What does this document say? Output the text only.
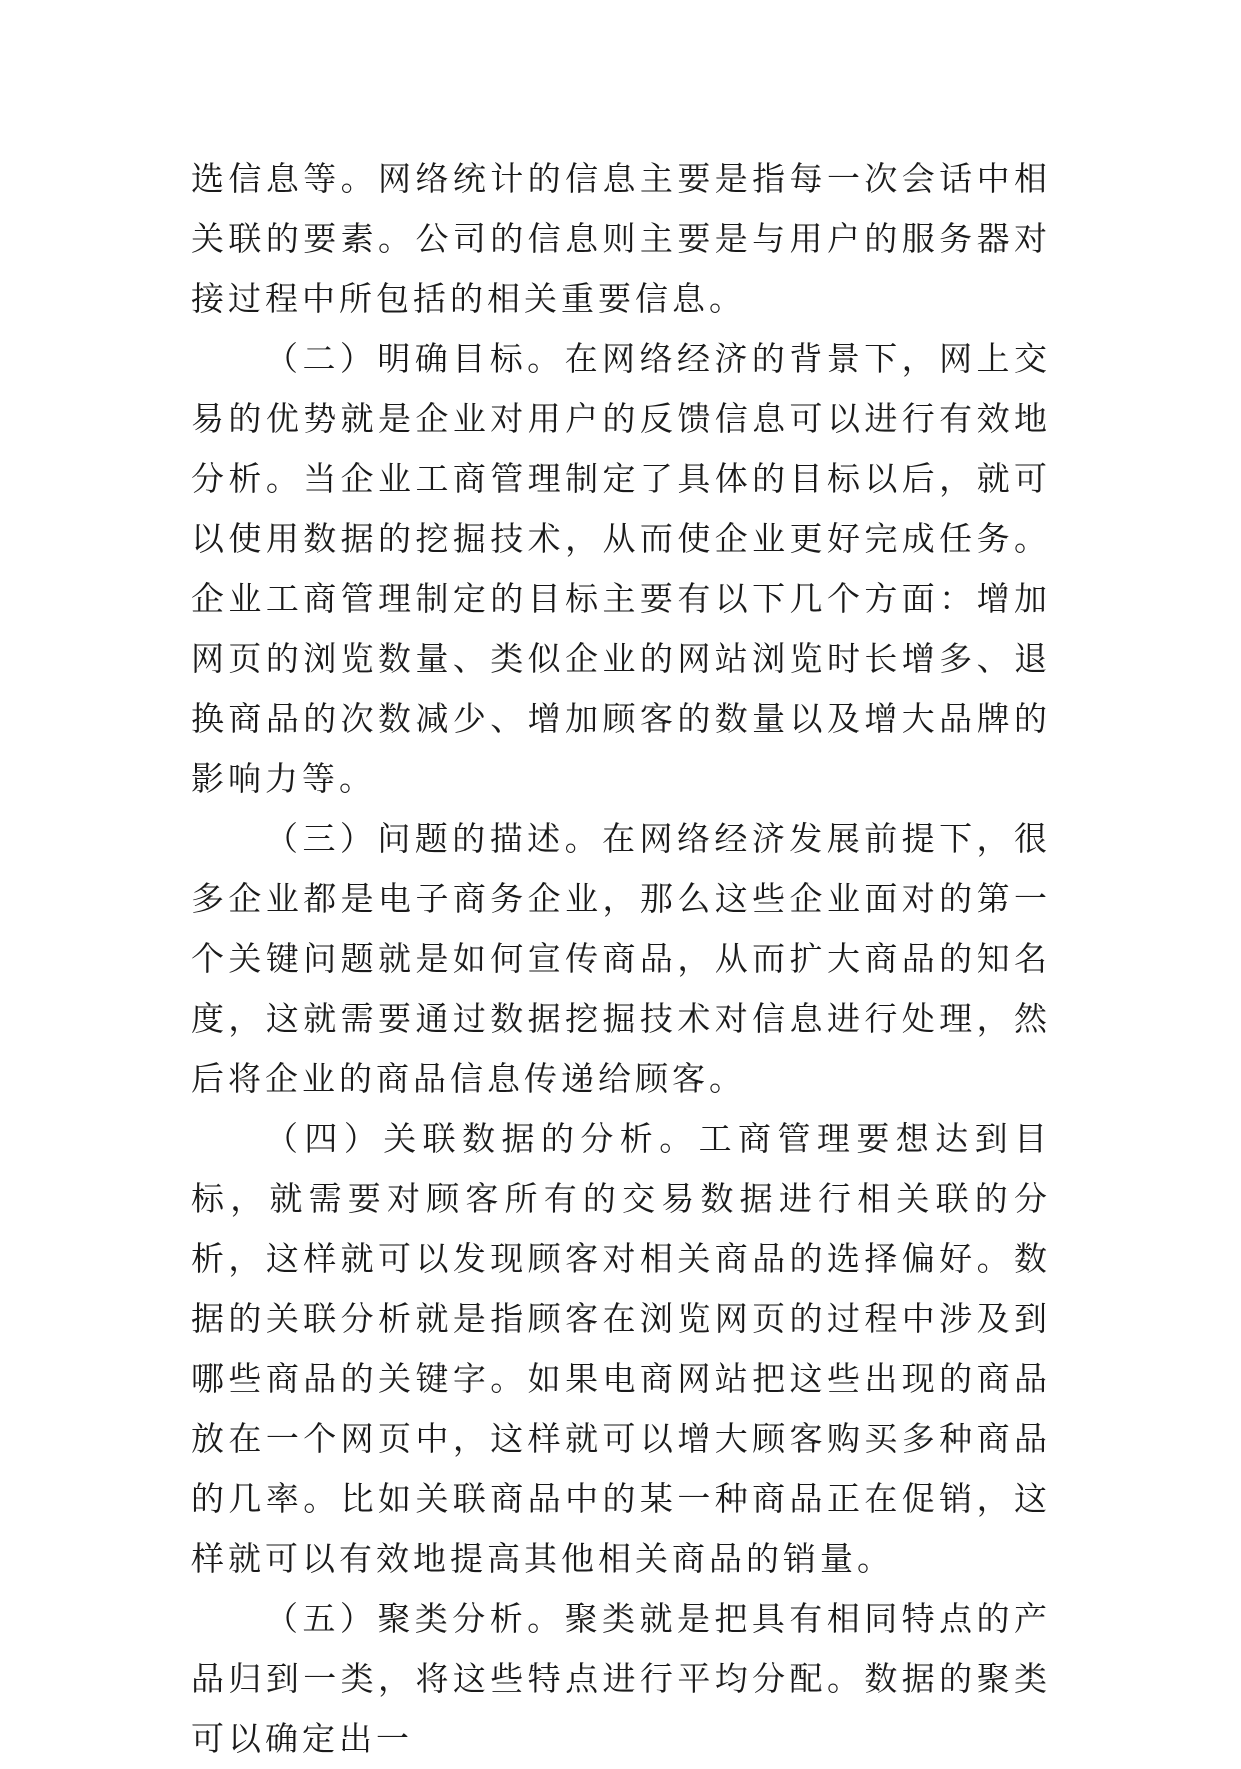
选信息等。网络统计的信息主要是指每一次会话中相关联的要素。公司的信息则主要是与用户的服务器对接过程中所包括的相关重要信息。

（二）明确目标。在网络经济的背景下，网上交易的优势就是企业对用户的反馈信息可以进行有效地分析。当企业工商管理制定了具体的目标以后，就可以使用数据的挖掘技术，从而使企业更好完成任务。企业工商管理制定的目标主要有以下几个方面：增加网页的浏览数量、类似企业的网站浏览时长增多、退换商品的次数减少、增加顾客的数量以及增大品牌的影响力等。

（三）问题的描述。在网络经济发展前提下，很多企业都是电子商务企业，那么这些企业面对的第一个关键问题就是如何宣传商品，从而扩大商品的知名度，这就需要通过数据挖掘技术对信息进行处理，然后将企业的商品信息传递给顾客。

（四）关联数据的分析。工商管理要想达到目标，就需要对顾客所有的交易数据进行相关联的分析，这样就可以发现顾客对相关商品的选择偏好。数据的关联分析就是指顾客在浏览网页的过程中涉及到哪些商品的关键字。如果电商网站把这些出现的商品放在一个网页中，这样就可以增大顾客购买多种商品的几率。比如关联商品中的某一种商品正在促销，这样就可以有效地提高其他相关商品的销量。

（五）聚类分析。聚类就是把具有相同特点的产品归到一类，将这些特点进行平均分配。数据的聚类可以确定出一
